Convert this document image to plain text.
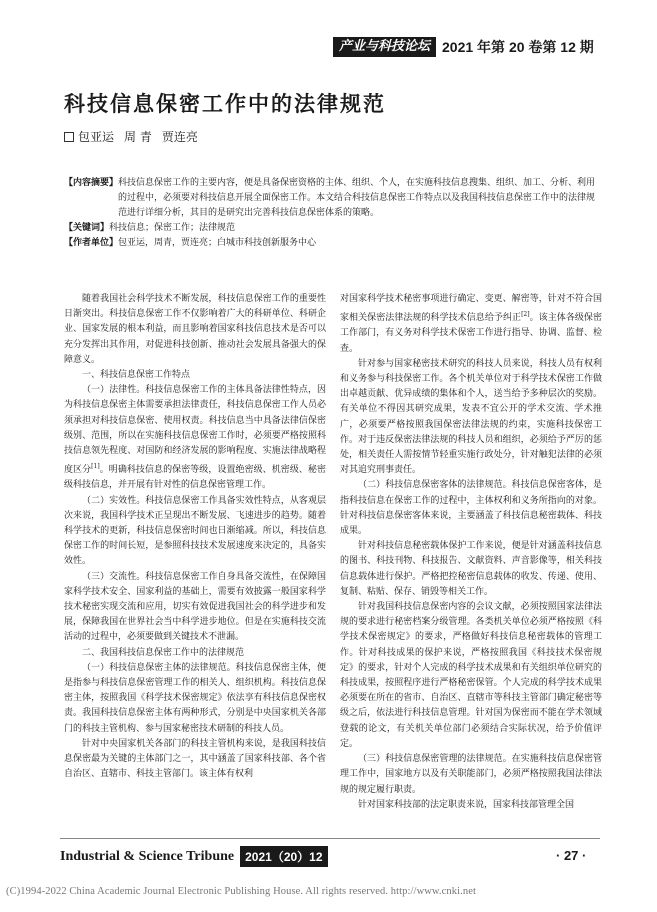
产业与科技论坛 2021 年第 20 卷第 12 期
科技信息保密工作中的法律规范
包亚运 周 青 贾连亮
【内容摘要】 科技信息保密工作的主要内容，便是具备保密资格的主体、组织、个人，在实施科技信息搜集、组织、加工、分析、利用的过程中，必须要对科技信息开展全面保密工作。本文结合科技信息保密工作特点以及我国科技信息保密工作中的法律规范进行详细分析，其目的是研究出完善科技信息保密体系的策略。
【关键词】 科技信息；保密工作；法律规范
【作者单位】 包亚运，周青，贾连亮；白城市科技创新服务中心

随着我国社会科学技术不断发展，科技信息保密工作的重要性日渐突出。科技信息保密工作不仅影响着广大的科研单位、科研企业、国家发展的根本利益，而且影响着国家科技信息技术是否可以充分发挥出其作用，对促进科技创新、推动社会发展具备强大的保障意义。

一、科技信息保密工作特点

（一）法律性。科技信息保密工作的主体具备法律性特点，因为科技信息保密主体需要承担法律责任，科技信息保密工作人员必须承担对科技信息保密、使用权责。科技信息当中具备法律信保密级别、范围，所以在实施科技信息保密工作时，必须要严格按照科技信息领先程度、对国防和经济发展的影响程度、实施法律战略程度区分[1]。明确科技信息的保密等级，设置绝密级、机密级、秘密级科技信息，并开展有针对性的信息保密管理工作。

（二）实效性。科技信息保密工作具备实效性特点，从客观层次来说，我国科学技术正呈现出不断发展、飞速进步的趋势。随着科学技术的更新，科技信息保密时间也日渐缩减。所以，科技信息保密工作的时间长短，是参照科技技术发展速度来决定的，具备实效性。

（三）交流性。科技信息保密工作自身具备交流性，在保障国家科学技术安全、国家利益的基础上，需要有效披露一般国家科学技术秘密实现交流和应用，切实有效促进我国社会的科学进步和发展，保障我国在世界社会当中科学进步地位。但是在实施科技交流活动的过程中，必须要做到关键技术不泄漏。

二、我国科技信息保密工作中的法律规范

（一）科技信息保密主体的法律规范。科技信息保密主体，便是指参与科技信息保密管理工作的相关人、组织机构。科技信息保密主体，按照我国《科学技术保密规定》依法享有科技信息保密权责。我国科技信息保密主体有两种形式，分别是中央国家机关各部门的科技主管机构、参与国家秘密技术研制的科技人员。

针对中央国家机关各部门的科技主管机构来说，是我国科技信息保密最为关键的主体部门之一，其中涵盖了国家科技部、各个省自治区、直辖市、科技主管部门。该主体有权利

对国家科学技术秘密事项进行确定、变更、解密等，针对不符合国家相关保密法律法规的科学技术信息给予纠正[2]。该主体各级保密工作部门，有义务对科学技术保密工作进行指导、协调、监督、检查。

针对参与国家秘密技术研究的科技人员来说，科技人员有权利和义务参与科技保密工作。各个机关单位对于科学技术保密工作做出卓越贡献、优异成绩的集体和个人，送当给予多种层次的奖励。有关单位不得因其研究成果，发表不宜公开的学术交流、学术推广，必须要严格按照我国保密法律法规的约束，实施科技保密工作。对于违反保密法律法规的科技人员和组织，必须给予严厉的惩处，相关责任人需按情节轻重实施行政处分，针对触犯法律的必须对其追究刑事责任。

（二）科技信息保密客体的法律规范。科技信息保密客体，是指科技信息在保密工作的过程中，主体权利和义务所指向的对象。针对科技信息保密客体来说，主要涵盖了科技信息秘密载体、科技成果。

针对科技信息秘密载体保护工作来说，便是针对涵盖科技信息的图书、科技刊物、科技报告、文献资料、声音影像等，相关科技信息载体进行保护。严格把控秘密信息载体的收发、传递、使用、复制、粘贴、保存、销毁等相关工作。

针对我国科技信息保密内容的会议文献，必须按照国家法律法规的要求进行秘密档案分级管理。各类机关单位必须严格按照《科学技术保密规定》的要求，严格做好科技信息秘密载体的管理工作。针对科技成果的保护来说，严格按照我国《科技技术保密规定》的要求，针对个人完成的科学技术成果和有关组织单位研究的科技成果，按照程序进行严格秘密保管。个人完成的科学技术成果必须要在所在的省市、自治区、直辖市等科技主管部门确定秘密等级之后，依法进行科技信息管理。针对国为保密而不能在学术领域登载的论文，有关机关单位部门必须结合实际状况，给予价值评定。

（三）科技信息保密管理的法律规范。在实施科技信息保密管理工作中，国家地方以及有关职能部门，必须严格按照我国法律法规的规定履行职责。

针对国家科技部的法定职责来说，国家科技部管理全国

Industrial & Science Tribune 2021（20）12	· 27 ·
(C)1994-2022 China Academic Journal Electronic Publishing House. All rights reserved. http://www.cnki.net
